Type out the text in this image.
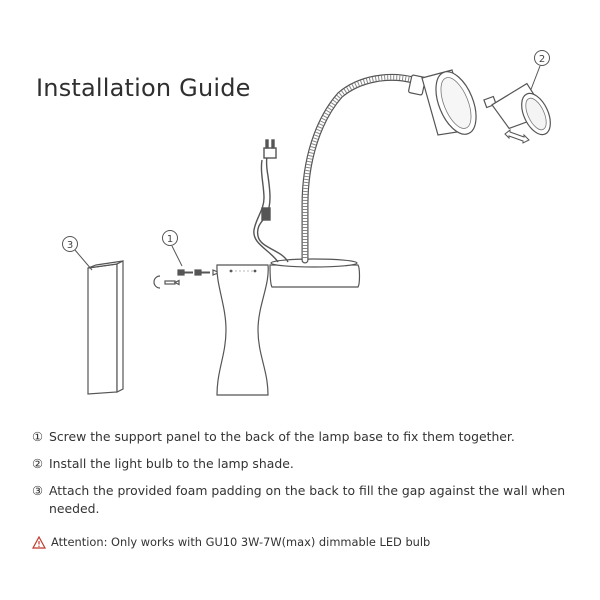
Installation Guide
3
1
2
① Screw the support panel to the back of the lamp base to fix them together.
② Install the light bulb to the lamp shade.
③ Attach the provided foam padding on the back to fill the gap against the wall when needed.
Attention: Only works with GU10 3W-7W(max) dimmable LED bulb
